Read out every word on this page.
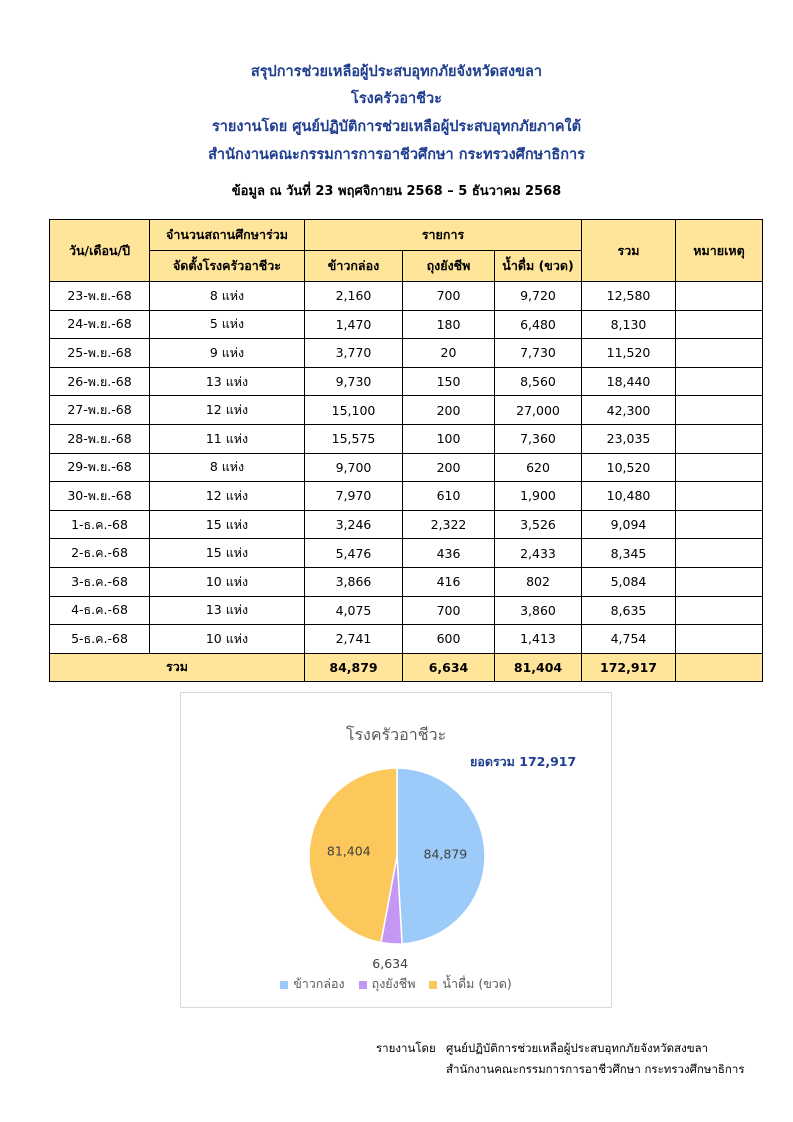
สรุปการช่วยเหลือผู้ประสบอุทกภัยจังหวัดสงขลา
โรงครัวอาชีวะ
รายงานโดย ศูนย์ปฏิบัติการช่วยเหลือผู้ประสบอุทกภัยภาคใต้
สำนักงานคณะกรรมการการอาชีวศึกษา กระทรวงศึกษาธิการ
ข้อมูล ณ วันที่ 23 พฤศจิกายน 2568 – 5 ธันวาคม 2568
วัน/เดือน/ปี	จำนวนสถานศึกษาร่วม	รายการ			รวม	หมายเหตุ
	จัดตั้งโรงครัวอาชีวะ	ข้าวกล่อง	ถุงยังชีพ	น้ำดื่ม (ขวด)		
23-พ.ย.-68	8 แห่ง	2,160	700	9,720	12,580	
24-พ.ย.-68	5 แห่ง	1,470	180	6,480	8,130	
25-พ.ย.-68	9 แห่ง	3,770	20	7,730	11,520	
26-พ.ย.-68	13 แห่ง	9,730	150	8,560	18,440	
27-พ.ย.-68	12 แห่ง	15,100	200	27,000	42,300	
28-พ.ย.-68	11 แห่ง	15,575	100	7,360	23,035	
29-พ.ย.-68	8 แห่ง	9,700	200	620	10,520	
30-พ.ย.-68	12 แห่ง	7,970	610	1,900	10,480	
1-ธ.ค.-68	15 แห่ง	3,246	2,322	3,526	9,094	
2-ธ.ค.-68	15 แห่ง	5,476	436	2,433	8,345	
3-ธ.ค.-68	10 แห่ง	3,866	416	802	5,084	
4-ธ.ค.-68	13 แห่ง	4,075	700	3,860	8,635	
5-ธ.ค.-68	10 แห่ง	2,741	600	1,413	4,754	
รวม		84,879	6,634	81,404	172,917	
84,879
6,634
81,404
โรงครัวอาชีวะ
ยอดรวม 172,917
ข้าวกล่อง ถุงยังชีพ น้ำดื่ม (ขวด)
รายงานโดย ศูนย์ปฏิบัติการช่วยเหลือผู้ประสบอุทกภัยจังหวัดสงขลา
สำนักงานคณะกรรมการการอาชีวศึกษา กระทรวงศึกษาธิการ
